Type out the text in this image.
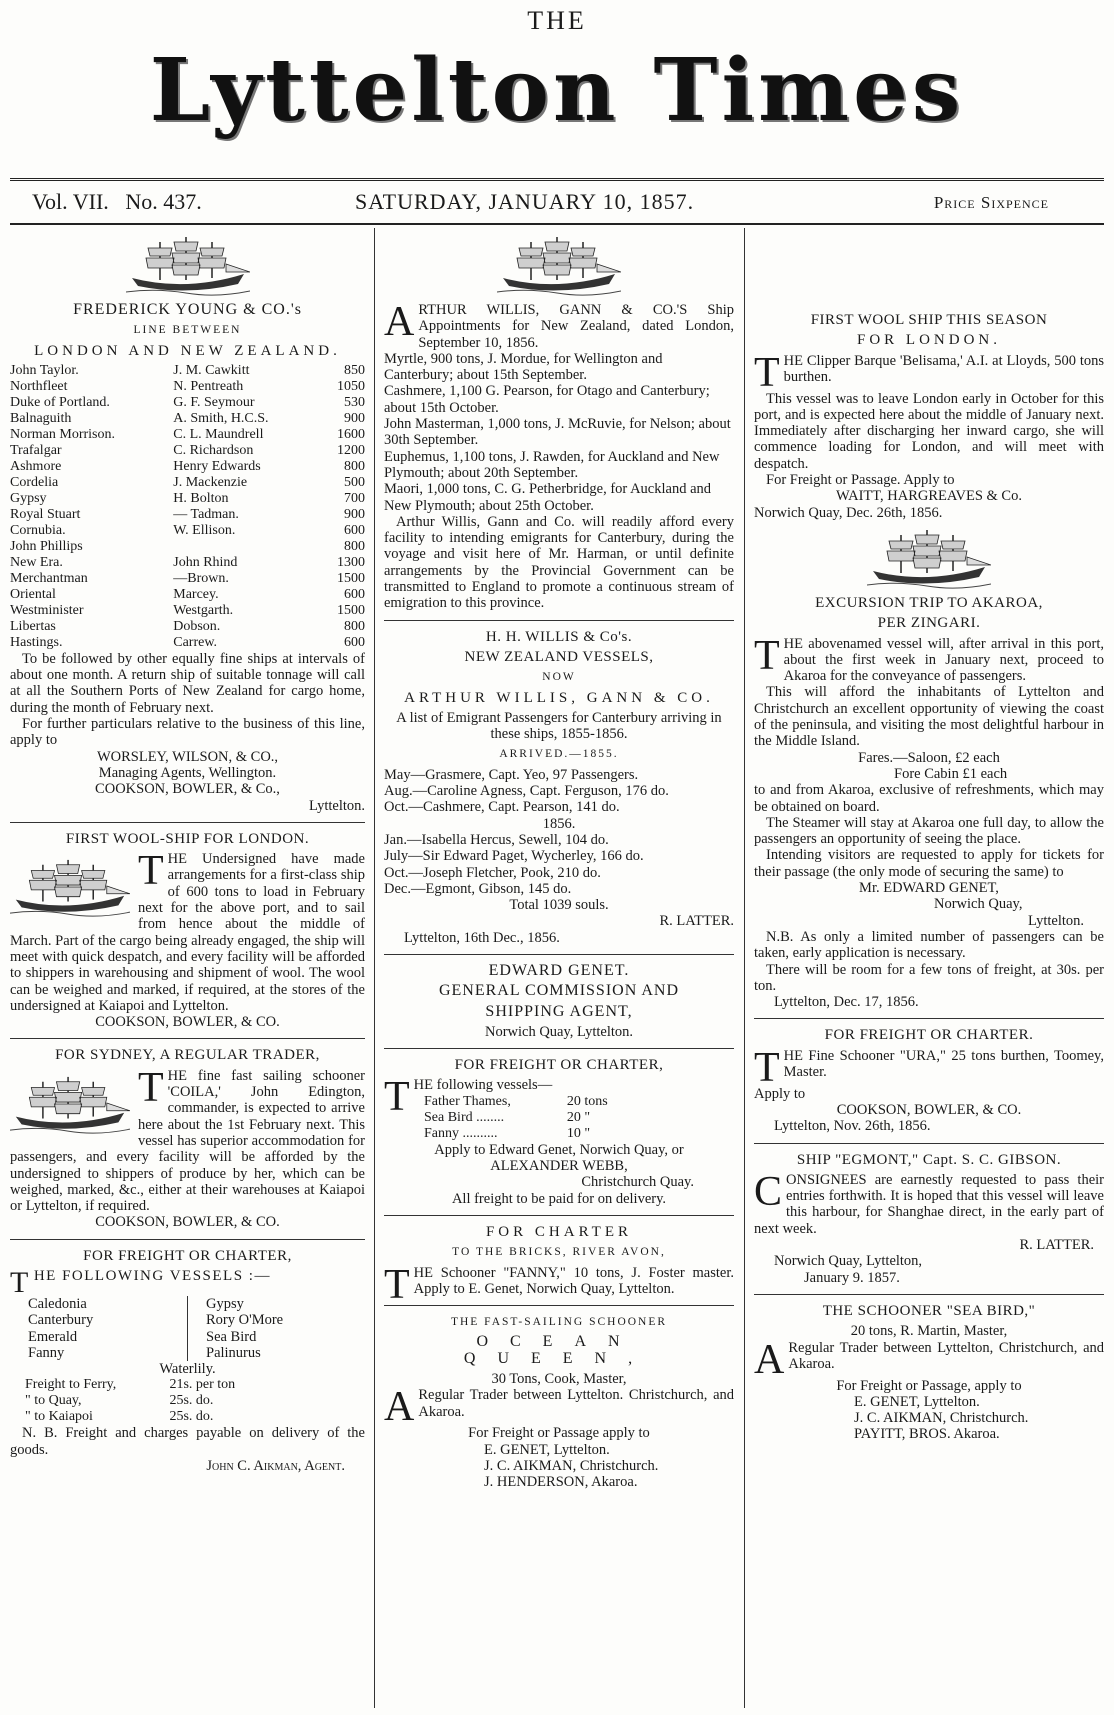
THE
Lyttelton Times
Vol. VII. No. 437.	SATURDAY, JANUARY 10, 1857.	Price Sixpence
FREDERICK YOUNG & CO.'s
LINE BETWEEN
LONDON AND NEW ZEALAND.
John Taylor.	J. M. Cawkitt	850
Northfleet	N. Pentreath	1050
Duke of Portland.	G. F. Seymour	530
Balnaguith	A. Smith, H.C.S.	900
Norman Morrison.	C. L. Maundrell	1600
Trafalgar	C. Richardson	1200
Ashmore	Henry Edwards	800
Cordelia	J. Mackenzie	500
Gypsy	H. Bolton	700
Royal Stuart	— Tadman.	900
Cornubia.	W. Ellison.	600
John Phillips		800
New Era.	John Rhind	1300
Merchantman	—Brown.	1500
Oriental	Marcey.	600
Westminister	Westgarth.	1500
Libertas	Dobson.	800
Hastings.	Carrew.	600

To be followed by other equally fine ships at intervals of about one month. A return ship of suitable tonnage will call at all the Southern Ports of New Zealand for cargo home, during the month of February next.

For further particulars relative to the business of this line, apply to

WORSLEY, WILSON, & CO.,
Managing Agents, Wellington.
COOKSON, BOWLER, & Co.,
Lyttelton.
FIRST WOOL-SHIP FOR LONDON.

THE Undersigned have made arrangements for a first-class ship of 600 tons to load in February next for the above port, and to sail from hence about the middle of March. Part of the cargo being already engaged, the ship will meet with quick despatch, and every facility will be afforded to shippers in warehousing and shipment of wool. The wool can be weighed and marked, if required, at the stores of the undersigned at Kaiapoi and Lyttelton.

COOKSON, BOWLER, & CO.
FOR SYDNEY, A REGULAR TRADER,

THE fine fast sailing schooner 'COILA,' John Edington, commander, is expected to arrive here about the 1st February next. This vessel has superior accommodation for passengers, and every facility will be afforded by the undersigned to shippers of produce by her, which can be weighed, marked, &c., either at their warehouses at Kaiapoi or Lyttelton, if required.

COOKSON, BOWLER, & CO.
FOR FREIGHT OR CHARTER,
THE FOLLOWING VESSELS :—
Caledonia
Canterbury
Emerald
Fanny
Gypsy
Rory O'More
Sea Bird
Palinurus
Waterlily.
Freight to Ferry,	21s. per ton
" to Quay,	25s. do.
" to Kaiapoi	25s. do.

N. B. Freight and charges payable on delivery of the goods.

John C. Aikman, Agent.

ARTHUR WILLIS, GANN & CO.'S Ship Appointments for New Zealand, dated London, September 10, 1856.

Myrtle, 900 tons, J. Mordue, for Wellington and Canterbury; about 15th September.
Cashmere, 1,100 G. Pearson, for Otago and Canterbury; about 15th October.
John Masterman, 1,000 tons, J. McRuvie, for Nelson; about 30th September.
Euphemus, 1,100 tons, J. Rawden, for Auckland and New Plymouth; about 20th September.
Maori, 1,000 tons, C. G. Petherbridge, for Auckland and New Plymouth; about 25th October.

Arthur Willis, Gann and Co. will readily afford every facility to intending emigrants for Canterbury, during the voyage and visit here of Mr. Harman, or until definite arrangements by the Provincial Government can be transmitted to England to promote a continuous stream of emigration to this province.

H. H. WILLIS & Co's.
NEW ZEALAND VESSELS,
NOW
ARTHUR WILLIS, GANN & CO.

A list of Emigrant Passengers for Canterbury arriving in these ships, 1855-1856.

ARRIVED.—1855.
May—Grasmere, Capt. Yeo, 97 Passengers.
Aug.—Caroline Agness, Capt. Ferguson, 176 do.
Oct.—Cashmere, Capt. Pearson, 141 do.
1856.
Jan.—Isabella Hercus, Sewell, 104 do.
July—Sir Edward Paget, Wycherley, 166 do.
Oct.—Joseph Fletcher, Pook, 210 do.
Dec.—Egmont, Gibson, 145 do.
Total 1039 souls.
R. LATTER.
Lyttelton, 16th Dec., 1856.
EDWARD GENET.
GENERAL COMMISSION AND
SHIPPING AGENT,
Norwich Quay, Lyttelton.
FOR FREIGHT OR CHARTER,
THE following vessels—
Father Thames,	20 tons
Sea Bird ........	20 "
Fanny ..........	10 "

Apply to Edward Genet, Norwich Quay, or

ALEXANDER WEBB,
Christchurch Quay.
All freight to be paid for on delivery.
FOR CHARTER
TO THE BRICKS, RIVER AVON,

THE Schooner "FANNY," 10 tons, J. Foster master. Apply to E. Genet, Norwich Quay, Lyttelton.

THE FAST-SAILING SCHOONER
OCEAN QUEEN,
30 Tons, Cook, Master,

A Regular Trader between Lyttelton. Christchurch, and Akaroa.

For Freight or Passage apply to
E. GENET, Lyttelton.
J. C. AIKMAN, Christchurch.
J. HENDERSON, Akaroa.
FIRST WOOL SHIP THIS SEASON
FOR LONDON.

THE Clipper Barque 'Belisama,' A.I. at Lloyds, 500 tons burthen.

This vessel was to leave London early in October for this port, and is expected here about the middle of January next. Immediately after discharging her inward cargo, she will commence loading for London, and will meet with despatch.

For Freight or Passage. Apply to

WAITT, HARGREAVES & Co.
Norwich Quay, Dec. 26th, 1856.
EXCURSION TRIP TO AKAROA,
PER ZINGARI.

THE abovenamed vessel will, after arrival in this port, about the first week in January next, proceed to Akaroa for the conveyance of passengers.

This will afford the inhabitants of Lyttelton and Christchurch an excellent opportunity of viewing the coast of the peninsula, and visiting the most delightful harbour in the Middle Island.

Fares.—Saloon, £2 each
Fore Cabin £1 each

to and from Akaroa, exclusive of refreshments, which may be obtained on board.

The Steamer will stay at Akaroa one full day, to allow the passengers an opportunity of seeing the place.

Intending visitors are requested to apply for tickets for their passage (the only mode of securing the same) to

Mr. EDWARD GENET,
Norwich Quay,
Lyttelton.

N.B. As only a limited number of passengers can be taken, early application is necessary.

There will be room for a few tons of freight, at 30s. per ton.

Lyttelton, Dec. 17, 1856.
FOR FREIGHT OR CHARTER.

THE Fine Schooner "URA," 25 tons burthen, Toomey, Master.

Apply to
COOKSON, BOWLER, & CO.
Lyttelton, Nov. 26th, 1856.
SHIP "EGMONT," Capt. S. C. GIBSON.

CONSIGNEES are earnestly requested to pass their entries forthwith. It is hoped that this vessel will leave this harbour, for Shanghae direct, in the early part of next week.

R. LATTER.
Norwich Quay, Lyttelton,
January 9. 1857.
THE SCHOONER "SEA BIRD,"
20 tons, R. Martin, Master,

A Regular Trader between Lyttelton, Christchurch, and Akaroa.

For Freight or Passage, apply to
E. GENET, Lyttelton.
J. C. AIKMAN, Christchurch.
PAYITT, BROS. Akaroa.
